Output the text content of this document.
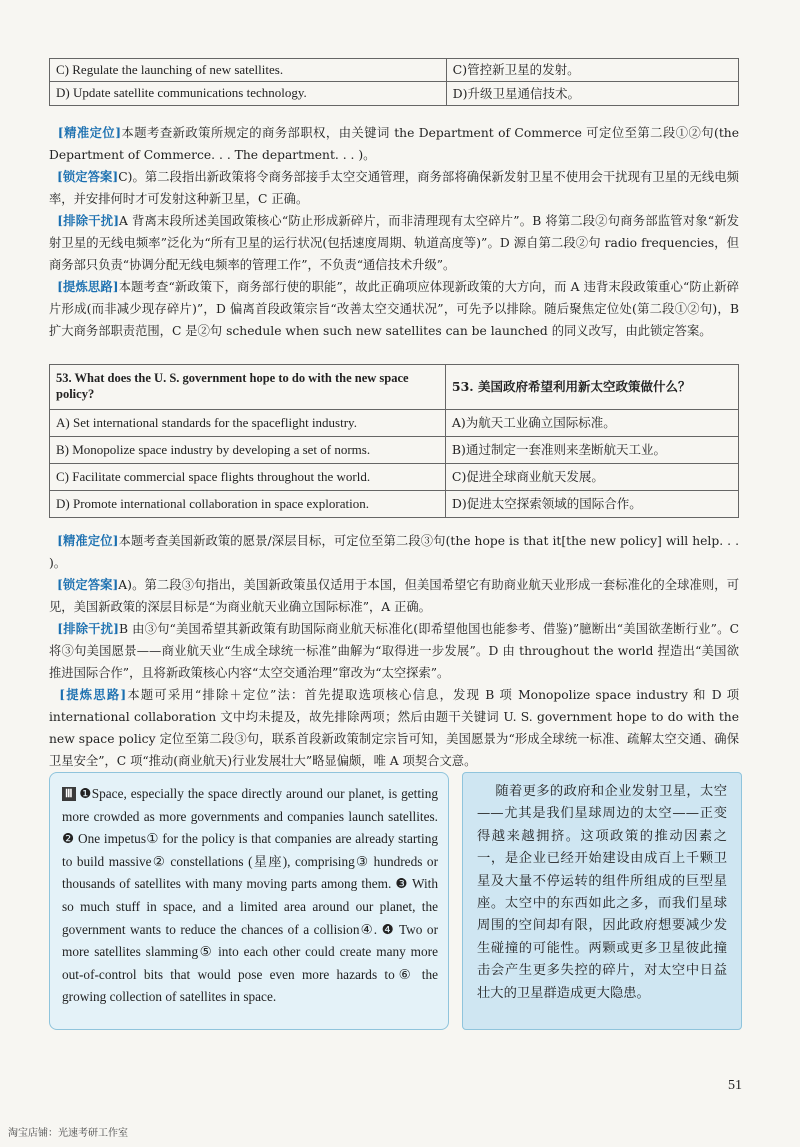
C) Regulate the launching of new satellites.	C)管控新卫星的发射。
D) Update satellite communications technology.	D)升级卫星通信技术。
[精准定位]本题考查新政策所规定的商务部职权，由关键词 the Department of Commerce 可定位至第二段①②句(the Department of Commerce. . . The department. . . )。
[锁定答案]C)。第二段指出新政策将令商务部接手太空交通管理，商务部将确保新发射卫星不使用会干扰现有卫星的无线电频率，并安排何时才可发射这种新卫星，C 正确。
[排除干扰]A 背离末段所述美国政策核心“防止形成新碎片，而非清理现有太空碎片”。B 将第二段②句商务部监管对象“新发射卫星的无线电频率”泛化为“所有卫星的运行状况(包括速度周期、轨道高度等)”。D 源自第二段②句 radio frequencies，但商务部只负责“协调分配无线电频率的管理工作”，不负责“通信技术升级”。
[提炼思路]本题考查“新政策下，商务部行使的职能”，故此正确项应体现新政策的大方向，而 A 违背末段政策重心“防止新碎片形成(而非减少现存碎片)”，D 偏离首段政策宗旨“改善太空交通状况”，可先予以排除。随后聚焦定位处(第二段①②句)，B 扩大商务部职责范围，C 是②句 schedule when such new satellites can be launched 的同义改写，由此锁定答案。
53. What does the U. S. government hope to do with the new space policy?	53. 美国政府希望利用新太空政策做什么？
A) Set international standards for the spaceflight industry.	A)为航天工业确立国际标准。
B) Monopolize space industry by developing a set of norms.	B)通过制定一套准则来垄断航天工业。
C) Facilitate commercial space flights throughout the world.	C)促进全球商业航天发展。
D) Promote international collaboration in space exploration.	D)促进太空探索领域的国际合作。
[精准定位]本题考查美国新政策的愿景/深层目标，可定位至第二段③句(the hope is that it[the new policy] will help. . . )。
[锁定答案]A)。第二段③句指出，美国新政策虽仅适用于本国，但美国希望它有助商业航天业形成一套标准化的全球准则，可见，美国新政策的深层目标是“为商业航天业确立国际标准”，A 正确。
[排除干扰]B 由③句“美国希望其新政策有助国际商业航天标准化(即希望他国也能参考、借鉴)”臆断出“美国欲垄断行业”。C 将③句美国愿景——商业航天业“生成全球统一标准”曲解为“取得进一步发展”。D 由 throughout the world 捏造出“美国欲推进国际合作”，且将新政策核心内容“太空交通治理”窜改为“太空探索”。
[提炼思路]本题可采用“排除＋定位”法：首先提取选项核心信息，发现 B 项 Monopolize space industry 和 D 项 international collaboration 文中均未提及，故先排除两项；然后由题干关键词 U. S. government hope to do with the new space policy 定位至第二段③句，联系首段新政策制定宗旨可知，美国愿景为“形成全球统一标准、疏解太空交通、确保卫星安全”，C 项“推动(商业航天)行业发展壮大”略显偏颇，唯 A 项契合文意。
Ⅲ ❶Space, especially the space directly around our planet, is getting more crowded as more governments and companies launch satellites. ❷ One impetus① for the policy is that companies are already starting to build massive② constellations (星座), comprising③ hundreds or thousands of satellites with many moving parts among them. ❸ With so much stuff in space, and a limited area around our planet, the government wants to reduce the chances of a collision④. ❹ Two or more satellites slamming⑤ into each other could create many more out-of-control bits that would pose even more hazards to⑥ the growing collection of satellites in space.
随着更多的政府和企业发射卫星，太空——尤其是我们星球周边的太空——正变得越来越拥挤。这项政策的推动因素之一，是企业已经开始建设由成百上千颗卫星及大量不停运转的组件所组成的巨型星座。太空中的东西如此之多，而我们星球周围的空间却有限，因此政府想要减少发生碰撞的可能性。两颗或更多卫星彼此撞击会产生更多失控的碎片，对太空中日益壮大的卫星群造成更大隐患。
51
淘宝店铺：光速考研工作室
